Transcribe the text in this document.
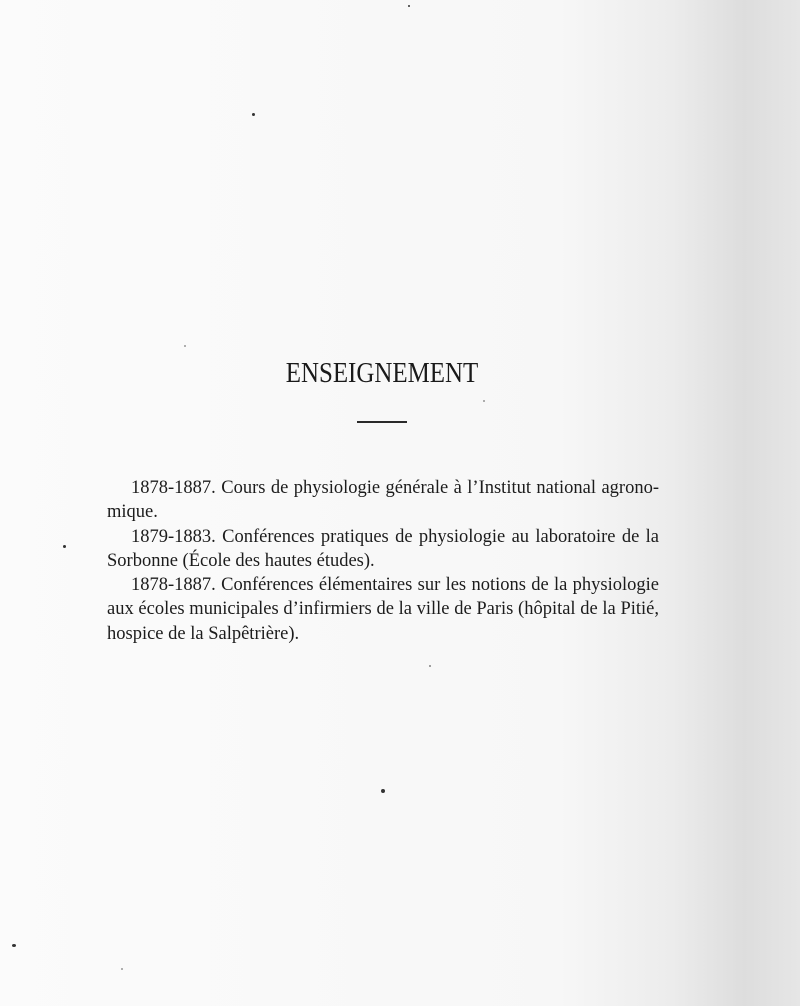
ENSEIGNEMENT

1878-1887. Cours de physiologie générale à l’Institut national agrono-
mique.

1879-1883. Conférences pratiques de physiologie au laboratoire de la
Sorbonne (École des hautes études).

1878-1887. Conférences élémentaires sur les notions de la physiologie
aux écoles municipales d’infirmiers de la ville de Paris (hôpital de la Pitié,
hospice de la Salpêtrière).
